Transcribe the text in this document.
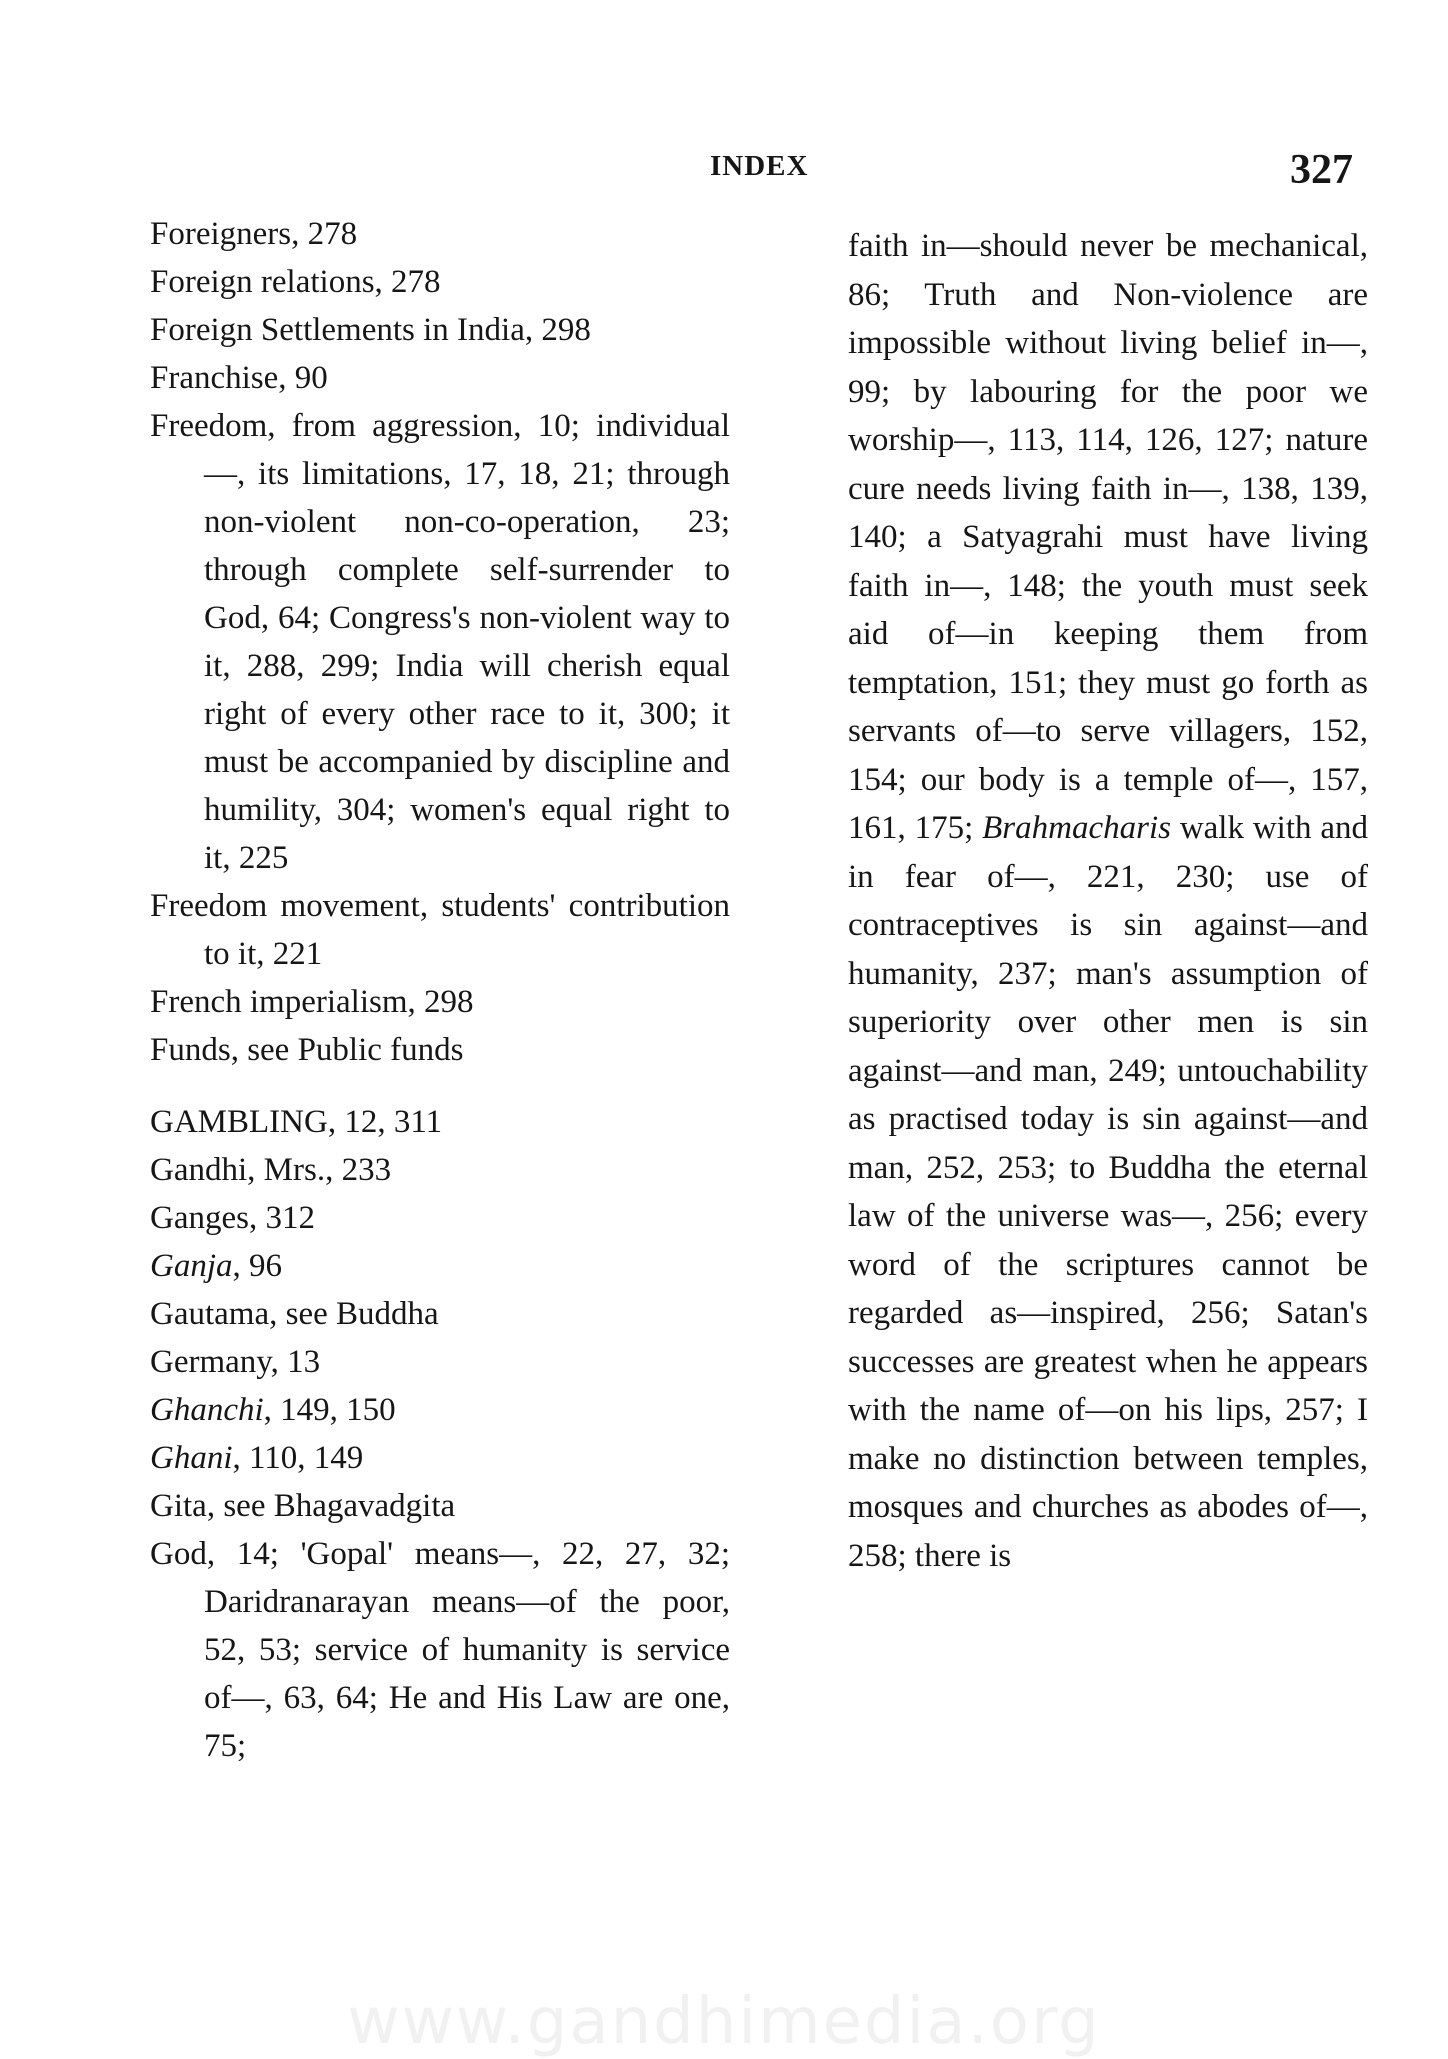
INDEX	327
Foreigners, 278
Foreign relations, 278
Foreign Settlements in India, 298
Franchise, 90
Freedom, from aggression, 10; individual—, its limitations, 17, 18, 21; through non-violent non-co-operation, 23; through complete self-surrender to God, 64; Congress's non-violent way to it, 288, 299; India will cherish equal right of every other race to it, 300; it must be accompanied by discipline and humility, 304; women's equal right to it, 225
Freedom movement, students' contribution to it, 221
French imperialism, 298
Funds, see Public funds
GAMBLING, 12, 311
Gandhi, Mrs., 233
Ganges, 312
Ganja, 96
Gautama, see Buddha
Germany, 13
Ghanchi, 149, 150
Ghani, 110, 149
Gita, see Bhagavadgita
God, 14; 'Gopal' means—, 22, 27, 32; Daridranarayan means—of the poor, 52, 53; service of humanity is service of—, 63, 64; He and His Law are one, 75;
faith in—should never be mechanical, 86; Truth and Non-violence are impossible without living belief in—, 99; by labouring for the poor we worship—, 113, 114, 126, 127; nature cure needs living faith in—, 138, 139, 140; a Satyagrahi must have living faith in—, 148; the youth must seek aid of—in keeping them from temptation, 151; they must go forth as servants of—to serve villagers, 152, 154; our body is a temple of—, 157, 161, 175; Brahmacharis walk with and in fear of—, 221, 230; use of contraceptives is sin against—and humanity, 237; man's assumption of superiority over other men is sin against—and man, 249; untouchability as practised today is sin against—and man, 252, 253; to Buddha the eternal law of the universe was—, 256; every word of the scriptures cannot be regarded as—inspired, 256; Satan's successes are greatest when he appears with the name of—on his lips, 257; I make no distinction between temples, mosques and churches as abodes of—, 258; there is
www.gandhimedia.org
